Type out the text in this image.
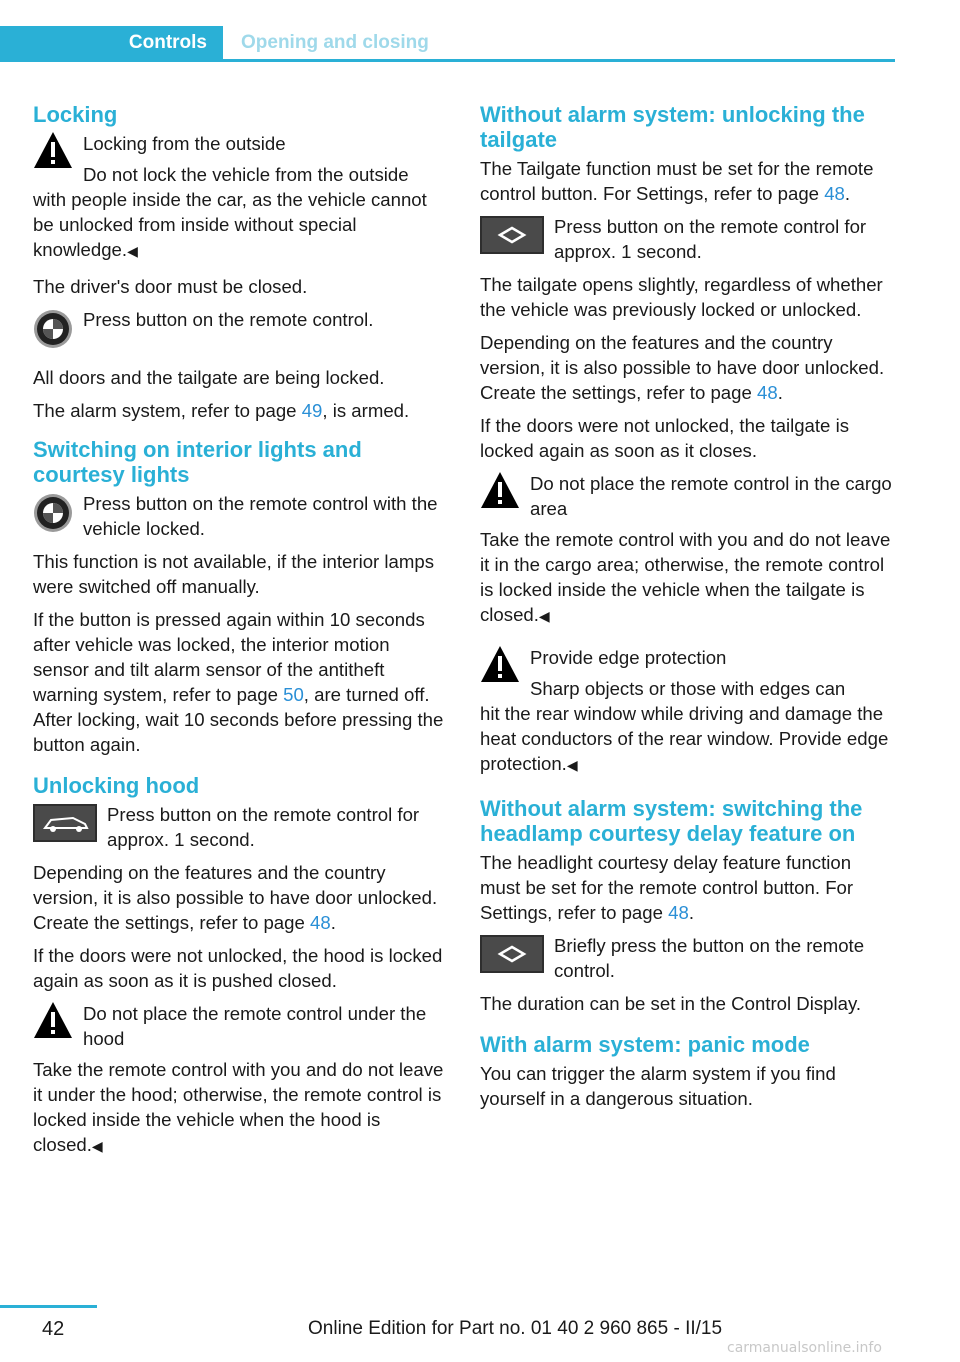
Controls	Opening and closing
Locking

Locking from the outside

Do not lock the vehicle from the outside

with people inside the car, as the vehicle cannot be unlocked from inside without special knowledge.◀

The driver's door must be closed.

Press button on the remote control.

All doors and the tailgate are being locked.

The alarm system, refer to page 49, is armed.

Switching on interior lights and courtesy lights
Press button on the remote control with the vehicle locked.

This function is not available, if the interior lamps were switched off manually.

If the button is pressed again within 10 seconds after vehicle was locked, the interior motion sensor and tilt alarm sensor of the antitheft warning system, refer to page 50, are turned off. After locking, wait 10 seconds before pressing the button again.

Unlocking hood
Press button on the remote control for approx. 1 second.

Depending on the features and the country version, it is also possible to have door unlocked. Create the settings, refer to page 48.

If the doors were not unlocked, the hood is locked again as soon as it is pushed closed.

Do not place the remote control under the hood

Take the remote control with you and do not leave it under the hood; otherwise, the remote control is locked inside the vehicle when the hood is closed.◀

Without alarm system: unlocking the tailgate

The Tailgate function must be set for the remote control button. For Settings, refer to page 48.

Press button on the remote control for approx. 1 second.

The tailgate opens slightly, regardless of whether the vehicle was previously locked or unlocked.

Depending on the features and the country version, it is also possible to have door unlocked. Create the settings, refer to page 48.

If the doors were not unlocked, the tailgate is locked again as soon as it closes.

Do not place the remote control in the cargo area

Take the remote control with you and do not leave it in the cargo area; otherwise, the remote control is locked inside the vehicle when the tailgate is closed.◀

Provide edge protection

Sharp objects or those with edges can

hit the rear window while driving and damage the heat conductors of the rear window. Provide edge protection.◀

Without alarm system: switching the headlamp courtesy delay feature on

The headlight courtesy delay feature function must be set for the remote control button. For Settings, refer to page 48.

Briefly press the button on the remote control.

The duration can be set in the Control Display.

With alarm system: panic mode

You can trigger the alarm system if you find yourself in a dangerous situation.

42	Online Edition for Part no. 01 40 2 960 865 - II/15
carmanualsonline.info
